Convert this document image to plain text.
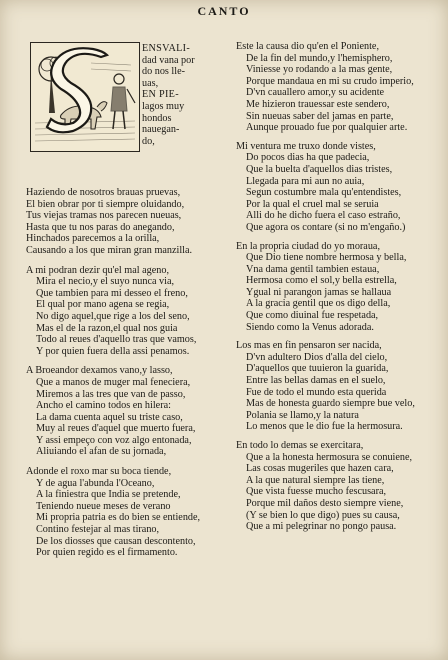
CANTO
ENSVALI-
dad vana por
do nos lle-
uas,
EN PIE-
lagos muy
hondos
nauegan-
do,
Haziendo de nosotros brauas pruevas,
El bien obrar por ti siempre oluidando,
Tus viejas tramas nos parecen nueuas,
Hasta que tu nos paras do anegando,
Hinchados parecemos a la orilla,
Causando a los que miran gran manzilla.
A mi podran dezir qu'el mal ageno,
Mira el necio,y el suyo nunca via,
Que tambien para mi desseo el freno,
El qual por mano agena se regia,
No digo aquel,que rige a los del seno,
Mas el de la razon,el qual nos guia
Todo al reues d'aquello tras que vamos,
Y por quien fuera della assi penamos.
A Broeandor dexamos vano,y lasso,
Que a manos de muger mal feneciera,
Miremos a las tres que van de passo,
Ancho el camino todos en hilera:
La dama cuenta aquel su triste caso,
Muy al reues d'aquel que muerto fuera,
Y assi empeço con voz algo entonada,
Aliuiando el afan de su jornada,
Adonde el roxo mar su boca tiende,
Y de agua l'abunda l'Oceano,
A la finiestra que India se pretende,
Teniendo nueue meses de verano
Mi propria patria es do bien se entiende,
Contino festejar al mas tirano,
De los diosses que causan descontento,
Por quien regido es el firmamento.
Este la causa dio qu'en el Poniente,
De la fin del mundo,y l'hemisphero,
Viniesse yo rodando a la mas gente,
Porque mandaua en mi su crudo imperio,
D'vn cauallero amor,y su acidente
Me hizieron trauessar este sendero,
Sin nueuas saber del jamas en parte,
Aunque prouado fue por qualquier arte.
Mi ventura me truxo donde vistes,
Do pocos dias ha que padecia,
Que la buelta d'aquellos dias tristes,
Llegada para mi aun no auia,
Segun costumbre mala qu'entendistes,
Por la qual el cruel mal se seruia
Alli do he dicho fuera el caso estraño,
Que agora os contare (si no m'engaño.)
En la propria ciudad do yo moraua,
Que Dio tiene nombre hermosa y bella,
Vna dama gentil tambien estaua,
Hermosa como el sol,y bella estrella,
Ygual ni parangon jamas se hallaua
A la gracia gentil que os digo della,
Que como diuinal fue respetada,
Siendo como la Venus adorada.
Los mas en fin pensaron ser nacida,
D'vn adultero Dios d'alla del cielo,
D'aquellos que tuuieron la guarida,
Entre las bellas damas en el suelo,
Fue de todo el mundo esta querida
Mas de honesta guardo siempre bue velo,
Polania se llamo,y la natura
Lo menos que le dio fue la hermosura.
En todo lo demas se exercitara,
Que a la honesta hermosura se conuiene,
Las cosas mugeriles que hazen cara,
A la que natural siempre las tiene,
Que vista fuesse mucho fescusara,
Porque mil daños desto siempre viene,
(Y se bien lo que digo) pues su causa,
Que a mi pelegrinar no pongo pausa.
